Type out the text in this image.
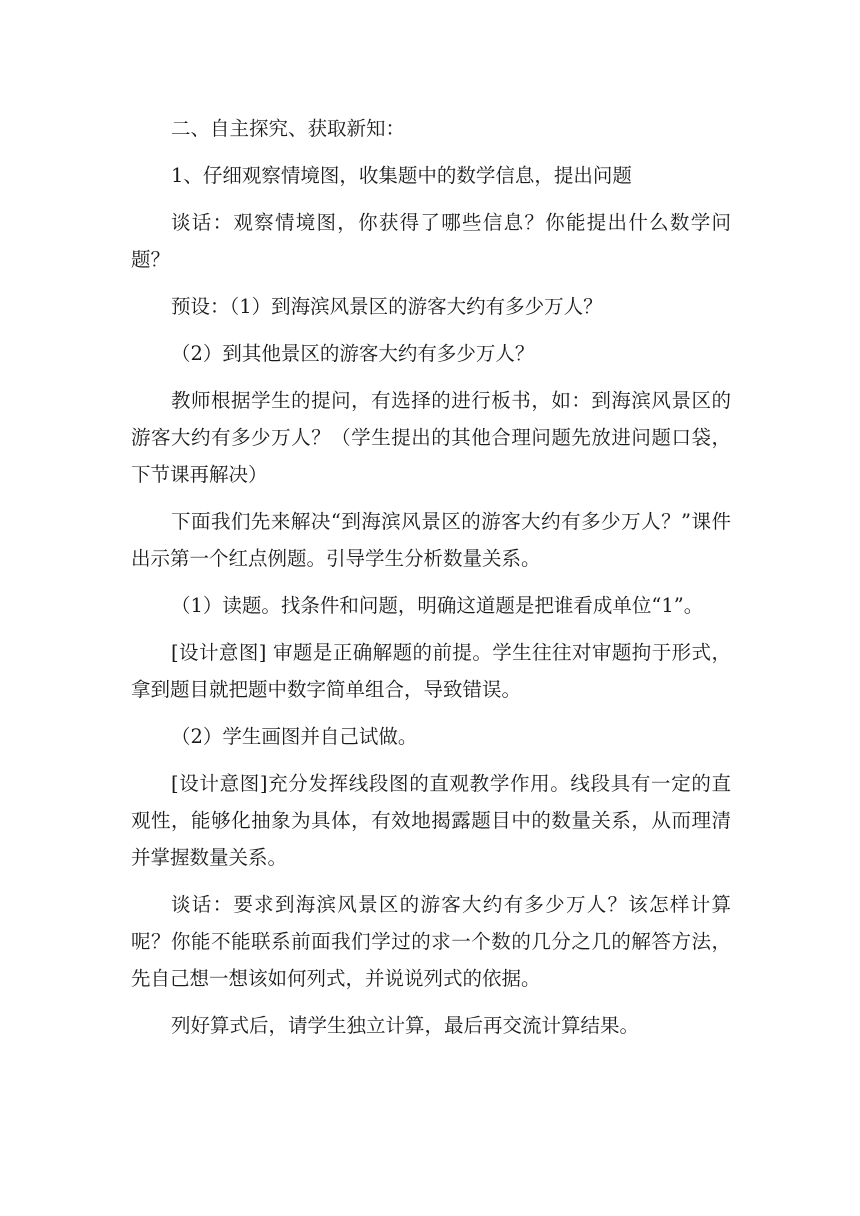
二、自主探究、获取新知：

1、仔细观察情境图，收集题中的数学信息，提出问题

谈话：观察情境图，你获得了哪些信息？你能提出什么数学问题？

预设：（1）到海滨风景区的游客大约有多少万人？

（2）到其他景区的游客大约有多少万人？

教师根据学生的提问，有选择的进行板书，如：到海滨风景区的游客大约有多少万人？（学生提出的其他合理问题先放进问题口袋，下节课再解决）

下面我们先来解决“到海滨风景区的游客大约有多少万人？”课件出示第一个红点例题。引导学生分析数量关系。

（1）读题。找条件和问题，明确这道题是把谁看成单位“1”。

[设计意图] 审题是正确解题的前提。学生往往对审题拘于形式，拿到题目就把题中数字简单组合，导致错误。

（2）学生画图并自己试做。

[设计意图]充分发挥线段图的直观教学作用。线段具有一定的直观性，能够化抽象为具体，有效地揭露题目中的数量关系，从而理清并掌握数量关系。

谈话：要求到海滨风景区的游客大约有多少万人？该怎样计算呢？你能不能联系前面我们学过的求一个数的几分之几的解答方法，先自己想一想该如何列式，并说说列式的依据。

列好算式后，请学生独立计算，最后再交流计算结果。
